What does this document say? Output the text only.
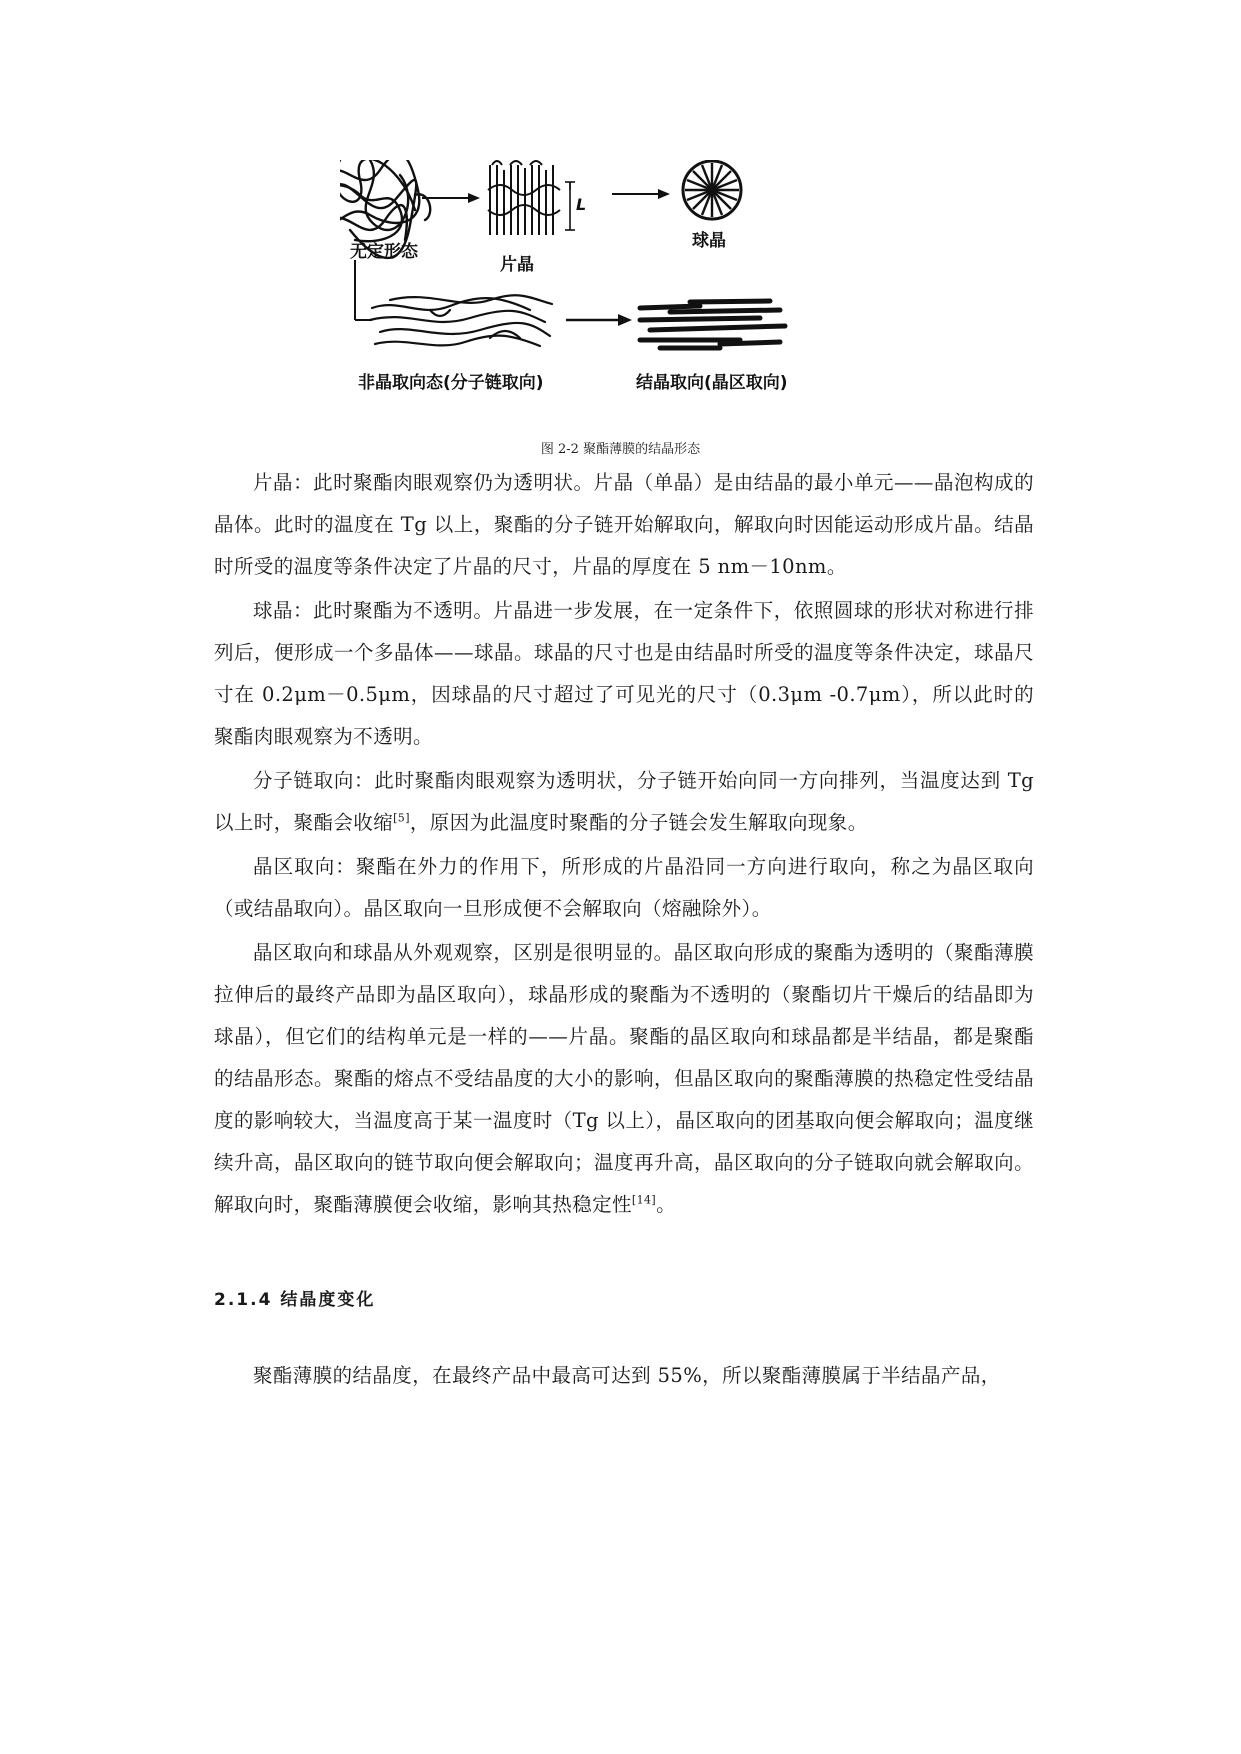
L
无定形态
片晶
球晶
非晶取向态(分子链取向)	结晶取向(晶区取向)
图 2-2 聚酯薄膜的结晶形态

片晶：此时聚酯肉眼观察仍为透明状。片晶（单晶）是由结晶的最小单元——晶泡构成的晶体。此时的温度在 Tg 以上，聚酯的分子链开始解取向，解取向时因能运动形成片晶。结晶时所受的温度等条件决定了片晶的尺寸，片晶的厚度在 5 nm－10nm。

球晶：此时聚酯为不透明。片晶进一步发展，在一定条件下，依照圆球的形状对称进行排列后，便形成一个多晶体——球晶。球晶的尺寸也是由结晶时所受的温度等条件决定，球晶尺寸在 0.2μm－0.5μm，因球晶的尺寸超过了可见光的尺寸（0.3μm -0.7μm），所以此时的聚酯肉眼观察为不透明。

分子链取向：此时聚酯肉眼观察为透明状，分子链开始向同一方向排列，当温度达到 Tg 以上时，聚酯会收缩[5]，原因为此温度时聚酯的分子链会发生解取向现象。

晶区取向：聚酯在外力的作用下，所形成的片晶沿同一方向进行取向，称之为晶区取向（或结晶取向）。晶区取向一旦形成便不会解取向（熔融除外）。

晶区取向和球晶从外观观察，区别是很明显的。晶区取向形成的聚酯为透明的（聚酯薄膜拉伸后的最终产品即为晶区取向），球晶形成的聚酯为不透明的（聚酯切片干燥后的结晶即为球晶），但它们的结构单元是一样的——片晶。聚酯的晶区取向和球晶都是半结晶，都是聚酯的结晶形态。聚酯的熔点不受结晶度的大小的影响，但晶区取向的聚酯薄膜的热稳定性受结晶度的影响较大，当温度高于某一温度时（Tg 以上），晶区取向的团基取向便会解取向；温度继续升高，晶区取向的链节取向便会解取向；温度再升高，晶区取向的分子链取向就会解取向。解取向时，聚酯薄膜便会收缩，影响其热稳定性[14]。

2.1.4 结晶度变化

聚酯薄膜的结晶度，在最终产品中最高可达到 55%，所以聚酯薄膜属于半结晶产品，
